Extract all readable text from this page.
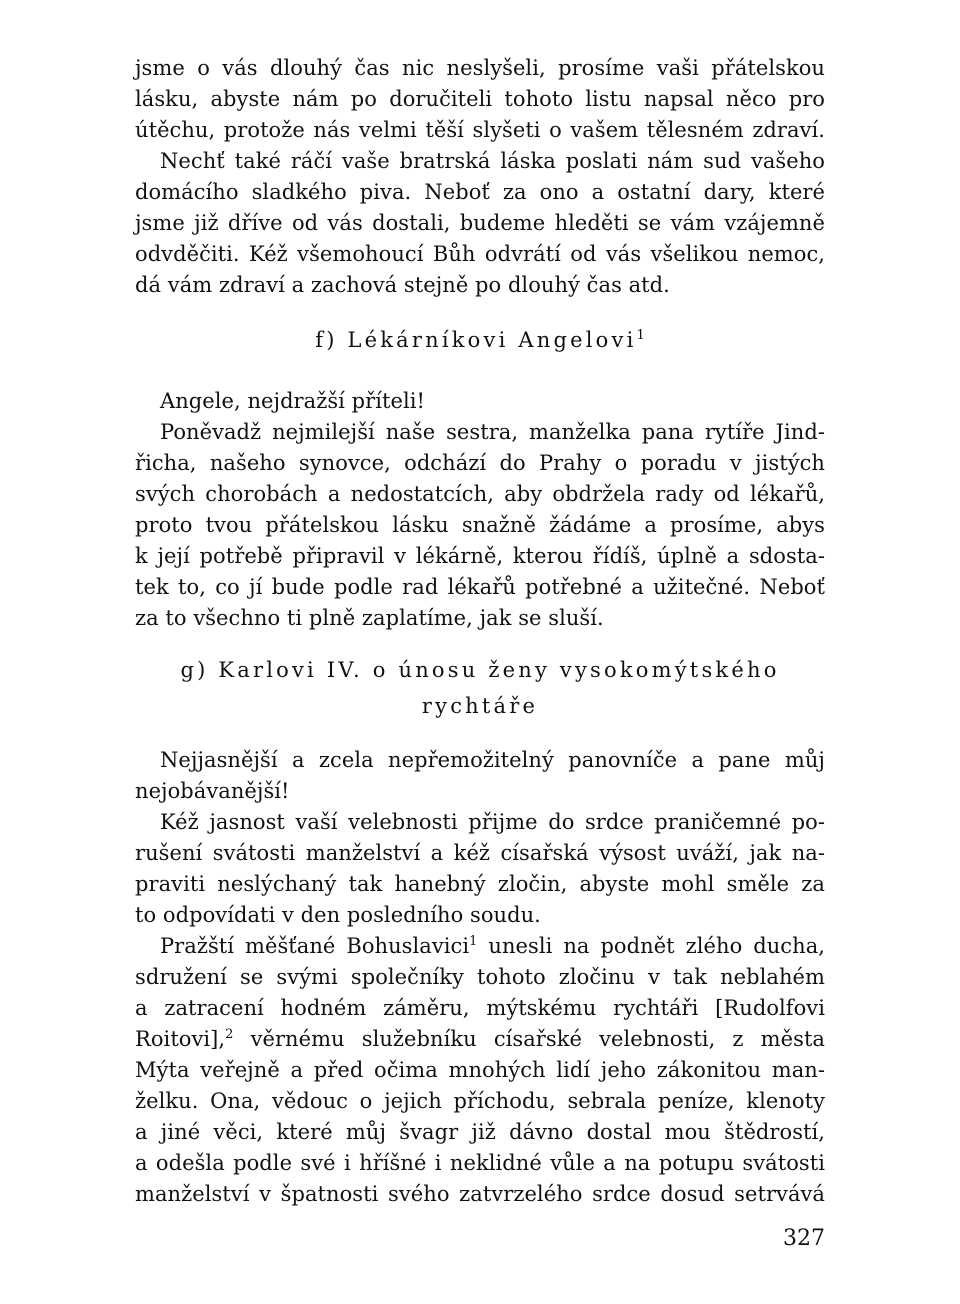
jsme o vás dlouhý čas nic neslyšeli, prosíme vaši přátelskou
lásku, abyste nám po doručiteli tohoto listu napsal něco pro
útěchu, protože nás velmi těší slyšeti o vašem tělesném zdraví.
Nechť také ráčí vaše bratrská láska poslati nám sud vašeho
domácího sladkého piva. Neboť za ono a ostatní dary, které
jsme již dříve od vás dostali, budeme hleděti se vám vzájemně
odvděčiti. Kéž všemohoucí Bůh odvrátí od vás všelikou nemoc,
dá vám zdraví a zachová stejně po dlouhý čas atd.
f) Lékárníkovi Angelovi$^1$
Angele, nejdražší příteli!
Poněvadž nejmilejší naše sestra, manželka pana rytíře Jind-
řicha, našeho synovce, odchází do Prahy o poradu v jistých
svých chorobách a nedostatcích, aby obdržela rady od lékařů,
proto tvou přátelskou lásku snažně žádáme a prosíme, abys
k její potřebě připravil v lékárně, kterou řídíš, úplně a sdosta-
tek to, co jí bude podle rad lékařů potřebné a užitečné. Neboť
za to všechno ti plně zaplatíme, jak se sluší.
g) Karlovi IV. o únosu ženy vysokomýtského
rychtáře
Nejjasnější a zcela nepřemožitelný panovníče a pane můj
nejobávanější!
Kéž jasnost vaší velebnosti přijme do srdce praničemné po-
rušení svátosti manželství a kéž císařská výsost uváží, jak na-
praviti neslýchaný tak hanebný zločin, abyste mohl směle za
to odpovídati v den posledního soudu.
Pražští měšťané Bohuslavici$^1$ unesli na podnět zlého ducha,
sdružení se svými společníky tohoto zločinu v tak neblahém
a zatracení hodném záměru, mýtskému rychtáři [Rudolfovi
Roitovi],$^2$ věrnému služebníku císařské velebnosti, z města
Mýta veřejně a před očima mnohých lidí jeho zákonitou man-
želku. Ona, vědouc o jejich příchodu, sebrala peníze, klenoty
a jiné věci, které můj švagr již dávno dostal mou štědrostí,
a odešla podle své i hříšné i neklidné vůle a na potupu svátosti
manželství v špatnosti svého zatvrzelého srdce dosud setrvává
327
